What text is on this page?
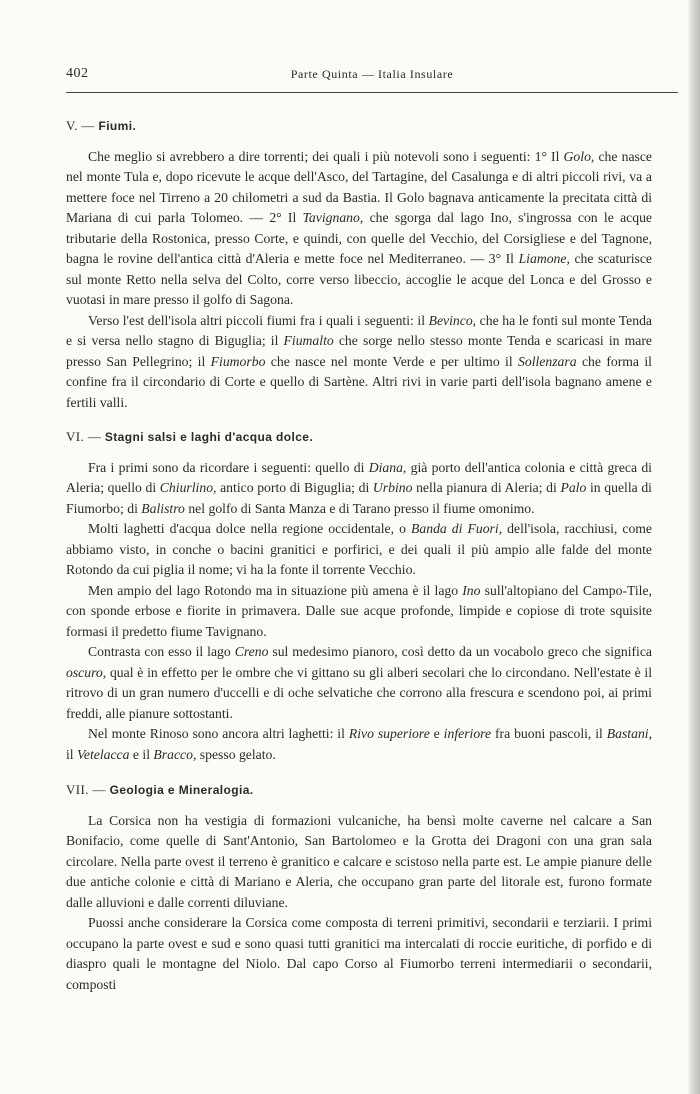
402	Parte Quinta — Italia Insulare
V. — Fiumi.

Che meglio si avrebbero a dire torrenti; dei quali i più notevoli sono i seguenti: 1° Il Golo, che nasce nel monte Tula e, dopo ricevute le acque dell'Asco, del Tartagine, del Casalunga e di altri piccoli rivi, va a mettere foce nel Tirreno a 20 chilometri a sud da Bastia. Il Golo bagnava anticamente la precitata città di Mariana di cui parla Tolomeo. — 2° Il Tavignano, che sgorga dal lago Ino, s'ingrossa con le acque tributarie della Rostonica, presso Corte, e quindi, con quelle del Vecchio, del Corsigliese e del Tagnone, bagna le rovine dell'antica città d'Aleria e mette foce nel Mediterraneo. — 3° Il Liamone, che scaturisce sul monte Retto nella selva del Colto, corre verso libeccio, accoglie le acque del Lonca e del Grosso e vuotasi in mare presso il golfo di Sagona.

Verso l'est dell'isola altri piccoli fiumi fra i quali i seguenti: il Bevinco, che ha le fonti sul monte Tenda e si versa nello stagno di Biguglia; il Fiumalto che sorge nello stesso monte Tenda e scaricasi in mare presso San Pellegrino; il Fiumorbo che nasce nel monte Verde e per ultimo il Sollenzara che forma il confine fra il circondario di Corte e quello di Sartène. Altri rivi in varie parti dell'isola bagnano amene e fertili valli.

VI. — Stagni salsi e laghi d'acqua dolce.

Fra i primi sono da ricordare i seguenti: quello di Diana, già porto dell'antica colonia e città greca di Aleria; quello di Chiurlino, antico porto di Biguglia; di Urbino nella pianura di Aleria; di Palo in quella di Fiumorbo; di Balistro nel golfo di Santa Manza e di Tarano presso il fiume omonimo.

Molti laghetti d'acqua dolce nella regione occidentale, o Banda di Fuori, dell'isola, racchiusi, come abbiamo visto, in conche o bacini granitici e porfirici, e dei quali il più ampio alle falde del monte Rotondo da cui piglia il nome; vi ha la fonte il torrente Vecchio.

Men ampio del lago Rotondo ma in situazione più amena è il lago Ino sull'altopiano del Campo-Tile, con sponde erbose e fiorite in primavera. Dalle sue acque profonde, limpide e copiose di trote squisite formasi il predetto fiume Tavignano.

Contrasta con esso il lago Creno sul medesimo pianoro, così detto da un vocabolo greco che significa oscuro, qual è in effetto per le ombre che vi gittano su gli alberi secolari che lo circondano. Nell'estate è il ritrovo di un gran numero d'uccelli e di oche selvatiche che corrono alla frescura e scendono poi, ai primi freddi, alle pianure sottostanti.

Nel monte Rinoso sono ancora altri laghetti: il Rivo superiore e inferiore fra buoni pascoli, il Bastani, il Vetelacca e il Bracco, spesso gelato.

VII. — Geologia e Mineralogia.

La Corsica non ha vestigia di formazioni vulcaniche, ha bensì molte caverne nel calcare a San Bonifacio, come quelle di Sant'Antonio, San Bartolomeo e la Grotta dei Dragoni con una gran sala circolare. Nella parte ovest il terreno è granitico e calcare e scistoso nella parte est. Le ampie pianure delle due antiche colonie e città di Mariano e Aleria, che occupano gran parte del litorale est, furono formate dalle alluvioni e dalle correnti diluviane.

Puossi anche considerare la Corsica come composta di terreni primitivi, secondarii e terziarii. I primi occupano la parte ovest e sud e sono quasi tutti granitici ma intercalati di roccie euritiche, di porfido e di diaspro quali le montagne del Niolo. Dal capo Corso al Fiumorbo terreni intermediarii o secondarii, composti
